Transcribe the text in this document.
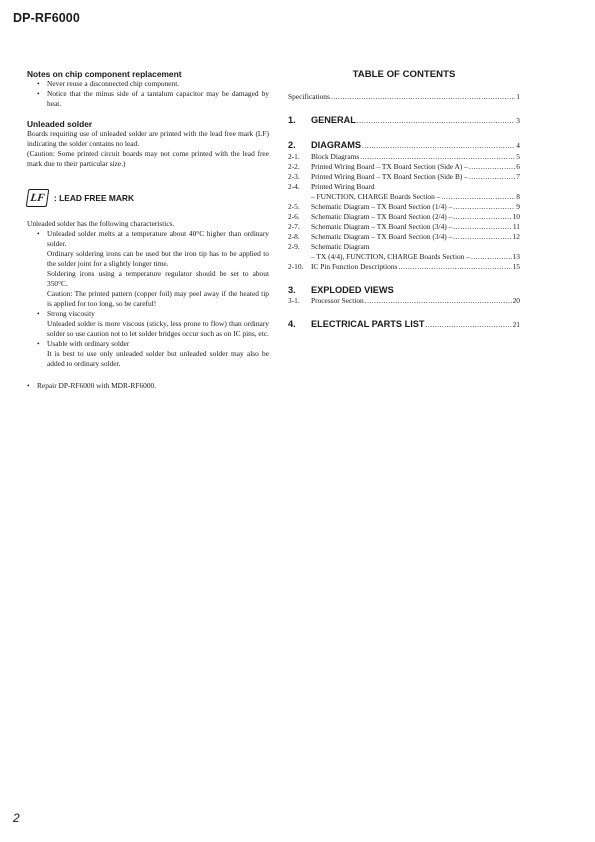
DP-RF6000
Notes on chip component replacement
• Never reuse a disconnected chip component.
• Notice that the minus side of a tantalum capacitor may be damaged by heat.
Unleaded solder
Boards requiring use of unleaded solder are printed with the lead free mark (LF) indicating the solder contains no lead.
(Caution: Some printed circuit boards may not come printed with the lead free mark due to their particular size.)
LF	: LEAD FREE MARK
Unleaded solder has the following characteristics.
• Unleaded solder melts at a temperature about 40°C higher than ordinary solder.
Ordinary soldering irons can be used but the iron tip has to be applied to the solder joint for a slightly longer time.
Soldering irons using a temperature regulator should be set to about 350°C.
Caution: The printed pattern (copper foil) may peel away if the heated tip is applied for too long, so be careful!
• Strong viscosity
Unleaded solder is more viscous (sticky, less prone to flow) than ordinary solder so use caution not to let solder bridges occur such as on IC pins, etc.
• Usable with ordinary solder
It is best to use only unleaded solder but unleaded solder may also be added to ordinary solder.
• Repair DP-RF6000 with MDR-RF6000.
TABLE OF CONTENTS
Specifications .....	1
1.	GENERAL .....	3
2.	DIAGRAMS .....	4
2-1.	Block Diagrams .....	5
2-2.	Printed Wiring Board – TX Board Section (Side A) – .....	6
2-3.	Printed Wiring Board – TX Board Section (Side B) – .....	7
2-4.	Printed Wiring Board
– FUNCTION, CHARGE Boards Section – .....	8
2-5.	Schematic Diagram – TX Board Section (1/4) – .....	9
2-6.	Schematic Diagram – TX Board Section (2/4) – .....	10
2-7.	Schematic Diagram – TX Board Section (3/4) – .....	11
2-8.	Schematic Diagram – TX Board Section (3/4) – .....	12
2-9.	Schematic Diagram
– TX (4/4), FUNCTION, CHARGE Boards Section – .....	13
2-10.	IC Pin Function Descriptions .....	15
3.	EXPLODED VIEWS
3-1.	Processor Section .....	20
4.	ELECTRICAL PARTS LIST .....	21
2
